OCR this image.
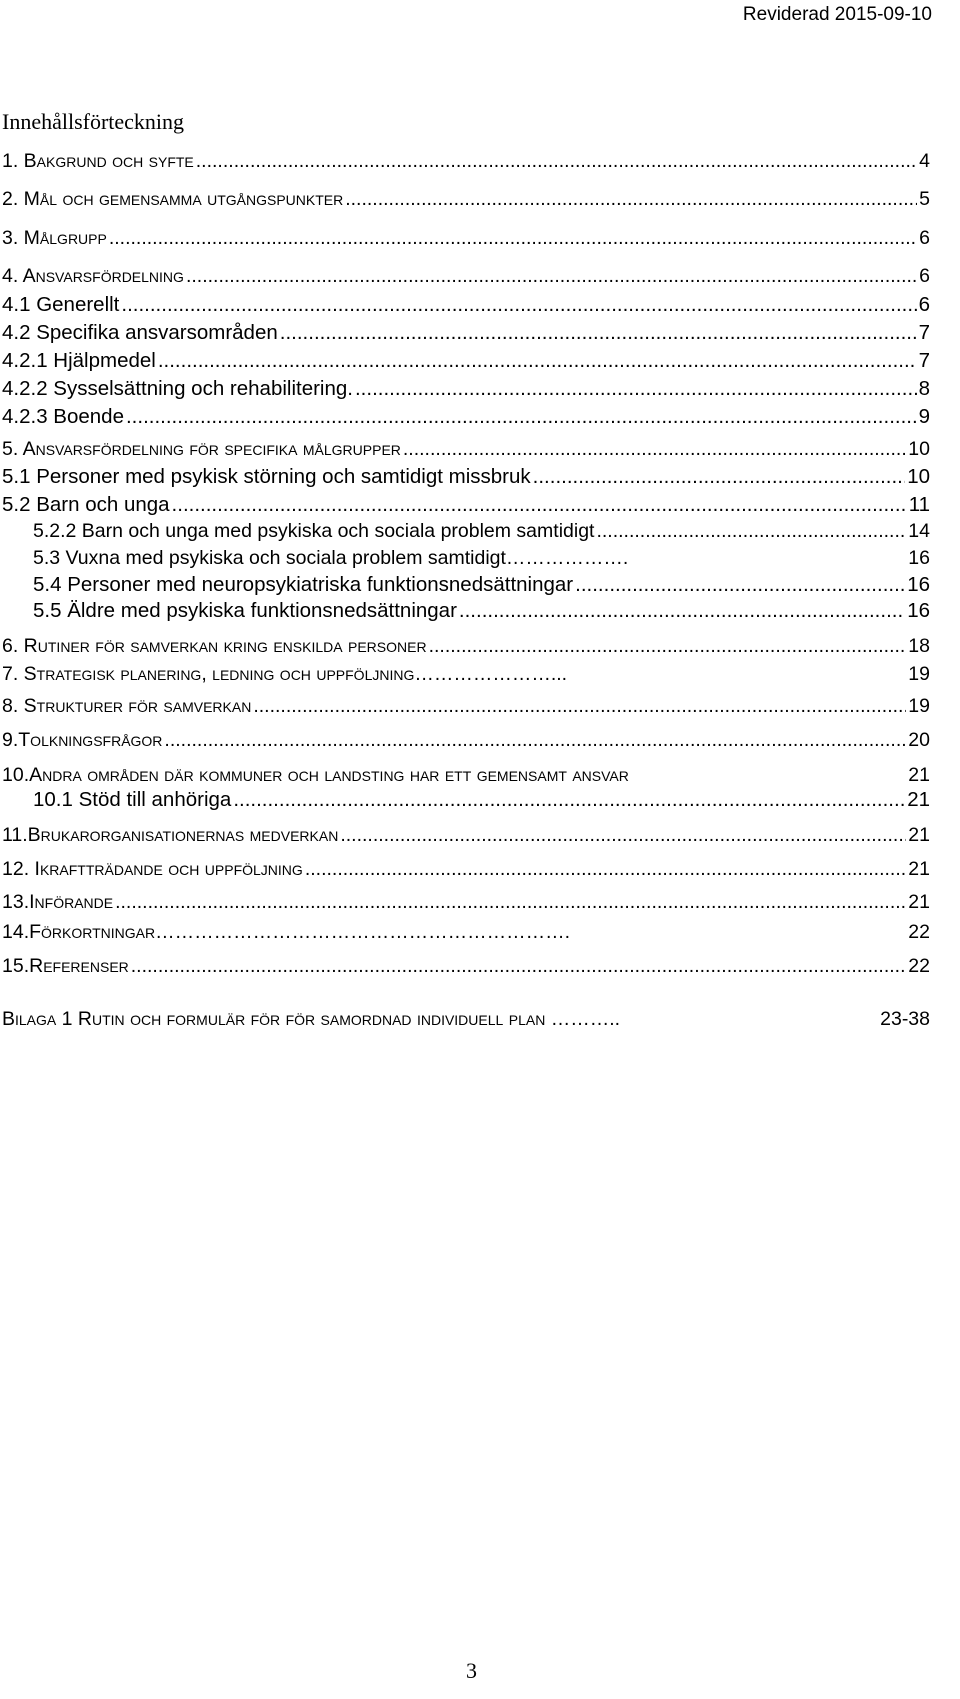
Reviderad 2015-09-10
Innehållsförteckning
1. Bakgrund och syfte .....	4
2. Mål och gemensamma utgångspunkter .....	5
3. Målgrupp .....	6
4. Ansvarsfördelning .....	6
4.1 Generellt .....	6
4.2 Specifika ansvarsområden .....	7
4.2.1 Hjälpmedel .....	7
4.2.2 Sysselsättning och rehabilitering. .....	8
4.2.3 Boende .....	9
5. Ansvarsfördelning för specifika målgrupper .....	10
5.1 Personer med psykisk störning och samtidigt missbruk .....	10
5.2 Barn och unga .....	11
5.2.2 Barn och unga med psykiska och sociala problem samtidigt .....	14
5.3 Vuxna med psykiska och sociala problem samtidigt……………….	16
5.4 Personer med neuropsykiatriska funktionsnedsättningar .....	16
5.5 Äldre med psykiska funktionsnedsättningar .....	16
6. Rutiner för samverkan kring enskilda personer .....	18
7. Strategisk planering, ledning och uppföljning…………………...	19
8. Strukturer för samverkan .....	19
9.Tolkningsfrågor .....	20
10.Andra områden där kommuner och landsting har ett gemensamt ansvar	21
10.1 Stöd till anhöriga .....	21
11.Brukarorganisationernas medverkan .....	21
12. Ikraftträdande och uppföljning .....	21
13.Införande .....	21
14.Förkortningar……………………………………………………….	22
15.Referenser .....	22
Bilaga 1 Rutin och formulär för för samordnad individuell plan ………..	23-38
3
